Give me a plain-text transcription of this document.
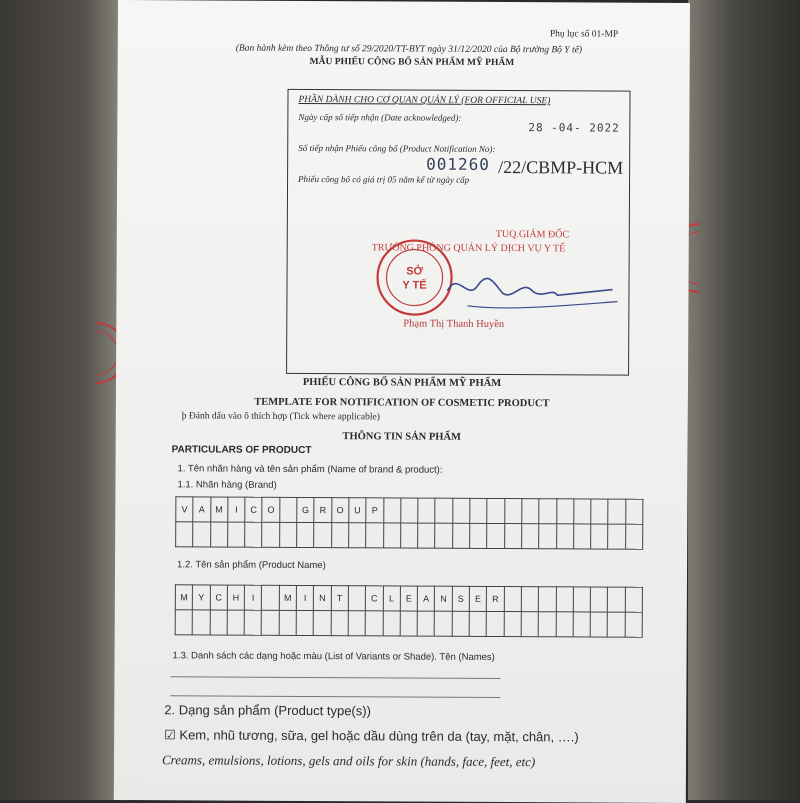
Phụ lục số 01-MP
(Ban hành kèm theo Thông tư số 29/2020/TT-BYT ngày 31/12/2020 của Bộ trưởng Bộ Y tế)
MẪU PHIẾU CÔNG BỐ SẢN PHẨM MỸ PHẨM
PHẦN DÀNH CHO CƠ QUAN QUẢN LÝ (FOR OFFICIAL USE)
Ngày cấp số tiếp nhận (Date acknowledged):
28 -04- 2022
Số tiếp nhận Phiếu công bố (Product Notification No):
001260 /22/CBMP-HCM
Phiếu công bố có giá trị 05 năm kể từ ngày cấp
TUQ.GIÁM ĐỐC
TRƯỞNG PHÒNG QUẢN LÝ DỊCH VỤ Y TẾ
SỞ
Y TẾ
Phạm Thị Thanh Huyền
PHIẾU CÔNG BỐ SẢN PHẨM MỸ PHẨM
TEMPLATE FOR NOTIFICATION OF COSMETIC PRODUCT
þ Đánh dấu vào ô thích hợp (Tick where applicable)
THÔNG TIN SẢN PHẨM
PARTICULARS OF PRODUCT
1. Tên nhãn hàng và tên sản phẩm (Name of brand & product):
1.1. Nhãn hàng (Brand)
V	A	M	I	C	O		G	R	O	U	P															

1.2. Tên sản phẩm (Product Name)
M	Y	C	H	I		M	I	N	T		C	L	E	A	N	S	E	R								

1.3. Danh sách các dạng hoặc màu (List of Variants or Shade). Tên (Names)
2. Dạng sản phẩm (Product type(s))
☑ Kem, nhũ tương, sữa, gel hoặc dầu dùng trên da (tay, mặt, chân, ….)
Creams, emulsions, lotions, gels and oils for skin (hands, face, feet, etc)
